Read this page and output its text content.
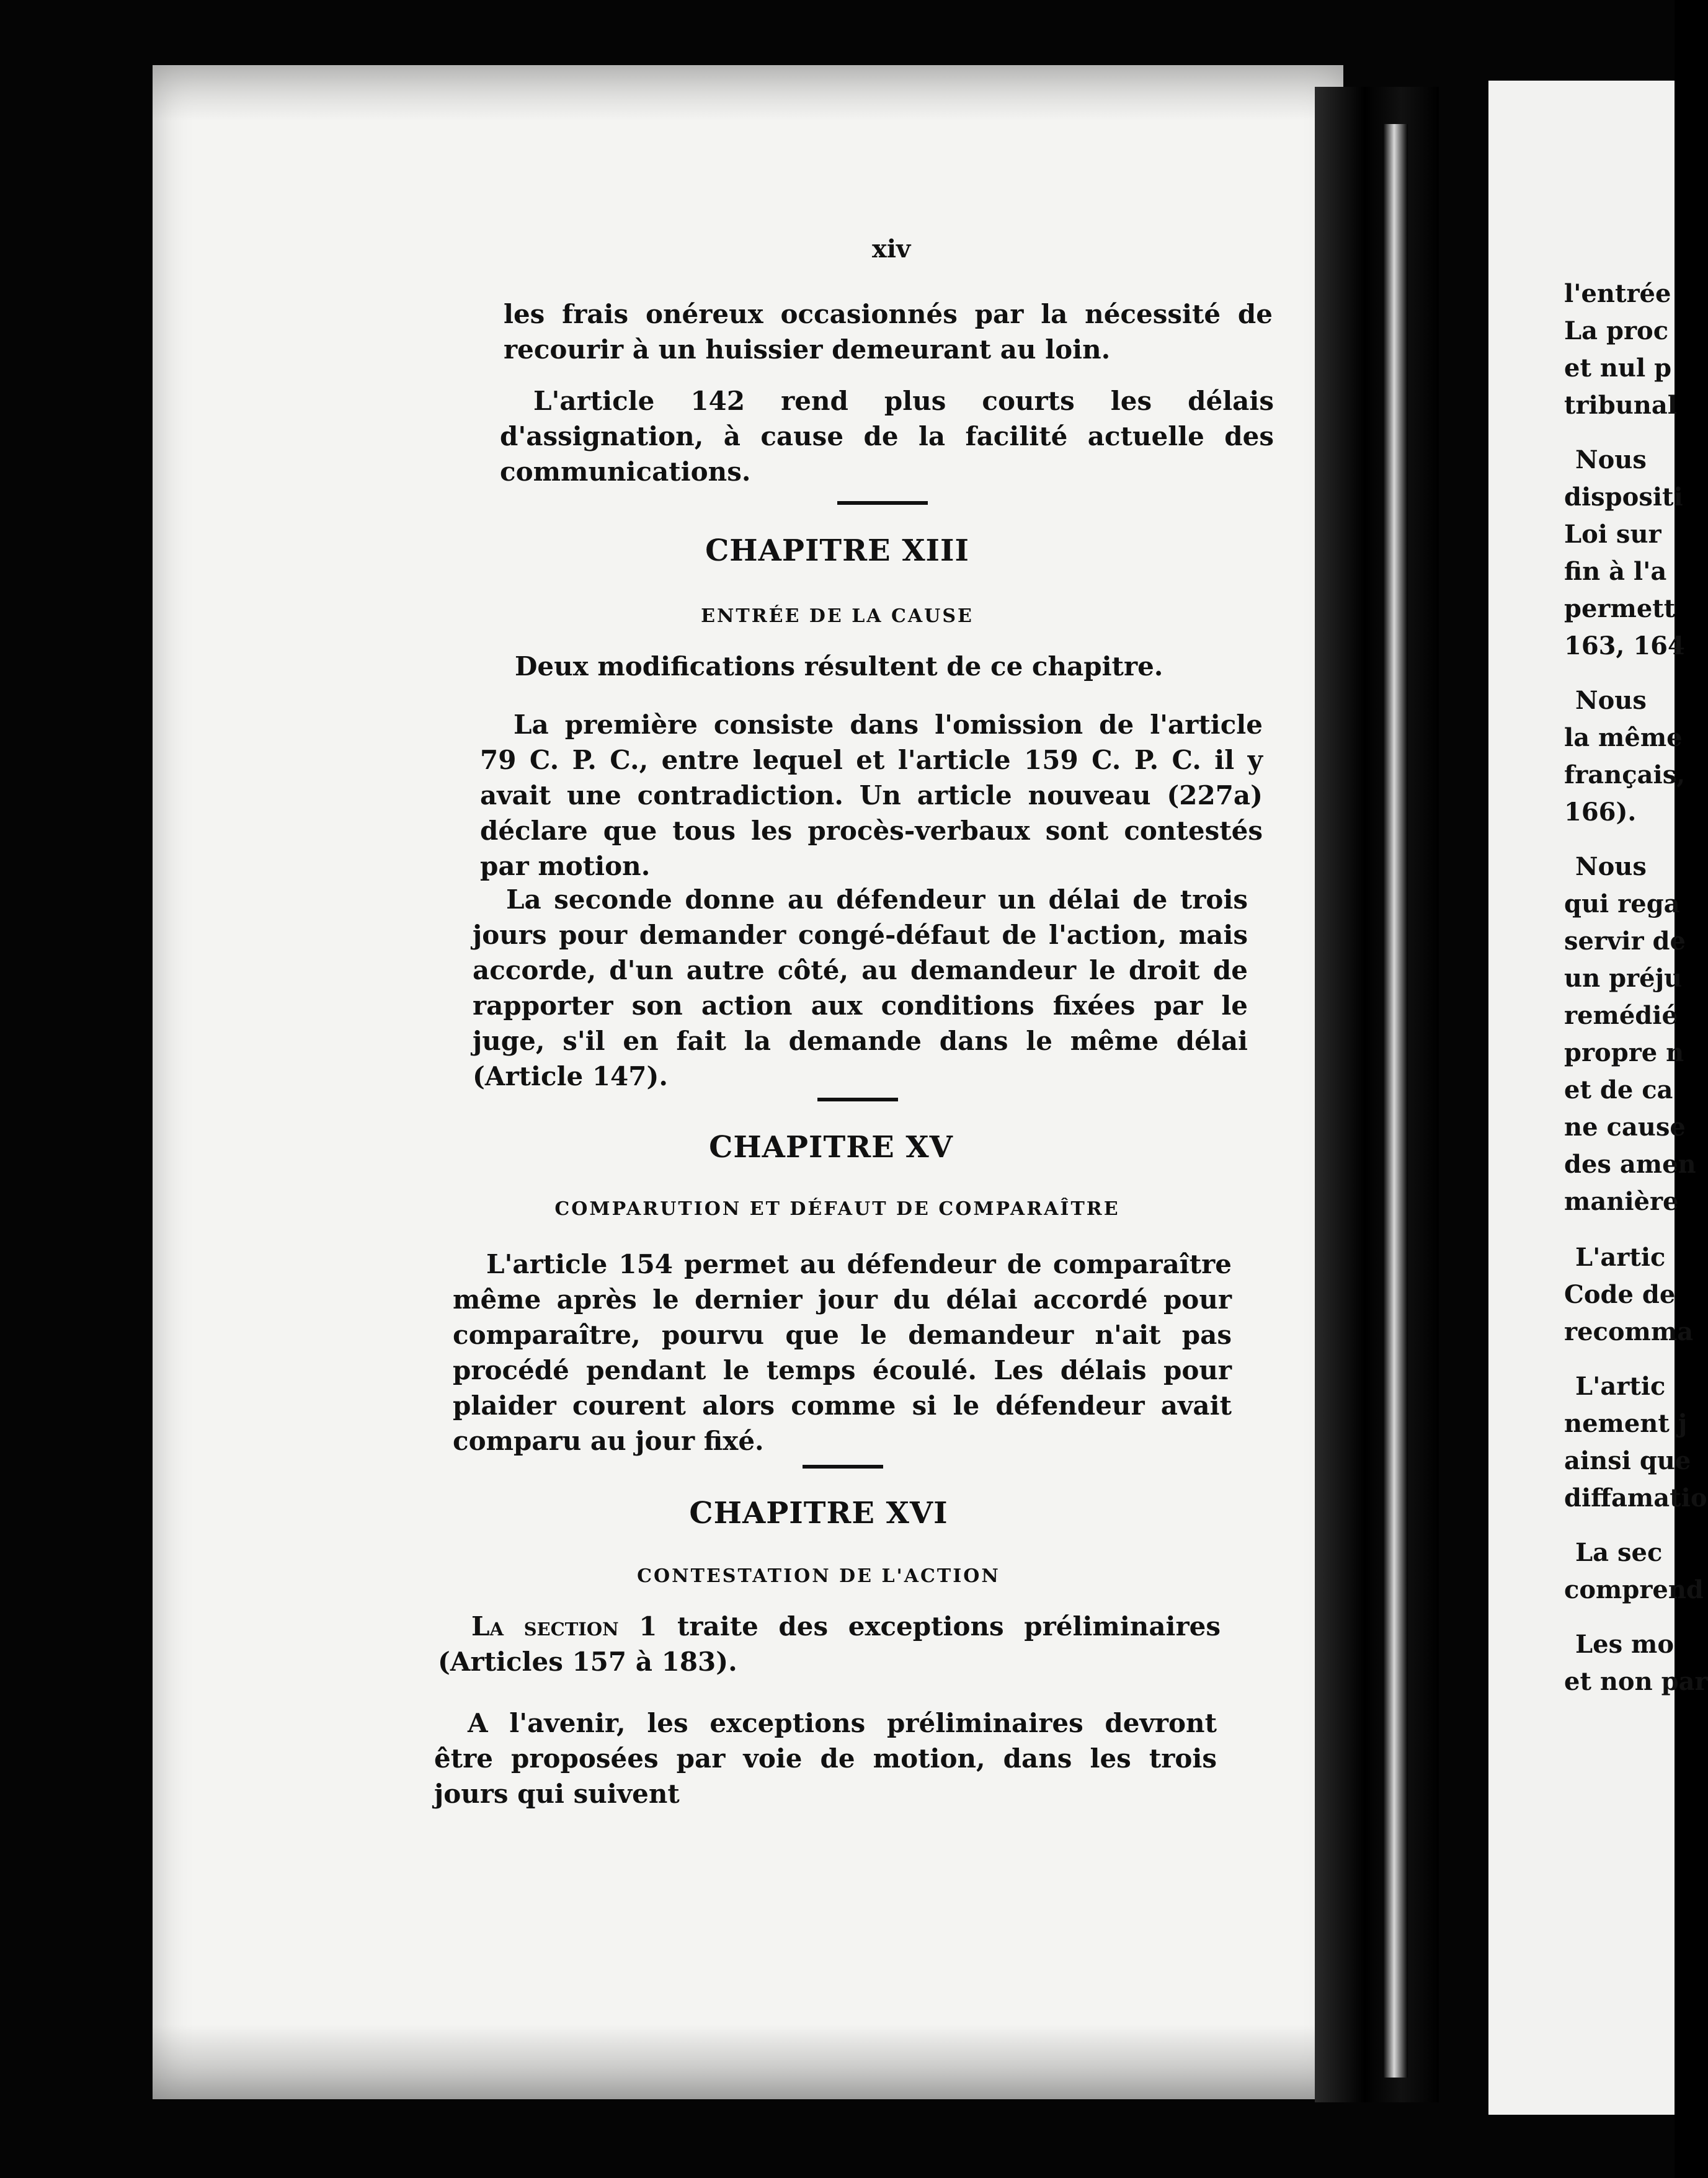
xiv
les frais onéreux occasionnés par la nécessité de recourir à un huissier demeurant au loin.
L'article 142 rend plus courts les délais d'assignation, à cause de la facilité actuelle des communications.
CHAPITRE XIII
ENTRÉE DE LA CAUSE
Deux modifications résultent de ce chapitre.
La première consiste dans l'omission de l'article 79 C. P. C., entre lequel et l'article 159 C. P. C. il y avait une contradiction. Un article nouveau (227a) déclare que tous les procès-verbaux sont contestés par motion.
La seconde donne au défendeur un délai de trois jours pour demander congé-défaut de l'action, mais accorde, d'un autre côté, au demandeur le droit de rapporter son action aux conditions fixées par le juge, s'il en fait la demande dans le même délai (Article 147).
CHAPITRE XV
COMPARUTION ET DÉFAUT DE COMPARAÎTRE
L'article 154 permet au défendeur de comparaître même après le dernier jour du délai accordé pour comparaître, pourvu que le demandeur n'ait pas procédé pendant le temps écoulé. Les délais pour plaider courent alors comme si le défendeur avait comparu au jour fixé.
CHAPITRE XVI
CONTESTATION DE L'ACTION
La section 1 traite des exceptions préliminaires (Articles 157 à 183).
A l'avenir, les exceptions préliminaires devront être proposées par voie de motion, dans les trois jours qui suivent
l'entrée
La proc
et nul p
tribunal
Nous
dispositi
Loi sur
fin à l'a
permett
163, 164
Nous
la même
français,
166).
Nous
qui rega
servir de
un préju
remédié
propre n
et de ca
ne cause
des amen
manière
L'artic
Code de
recomma
L'artic
nement j
ainsi que
diffamatio
La sec
comprend
Les mo
et non par
